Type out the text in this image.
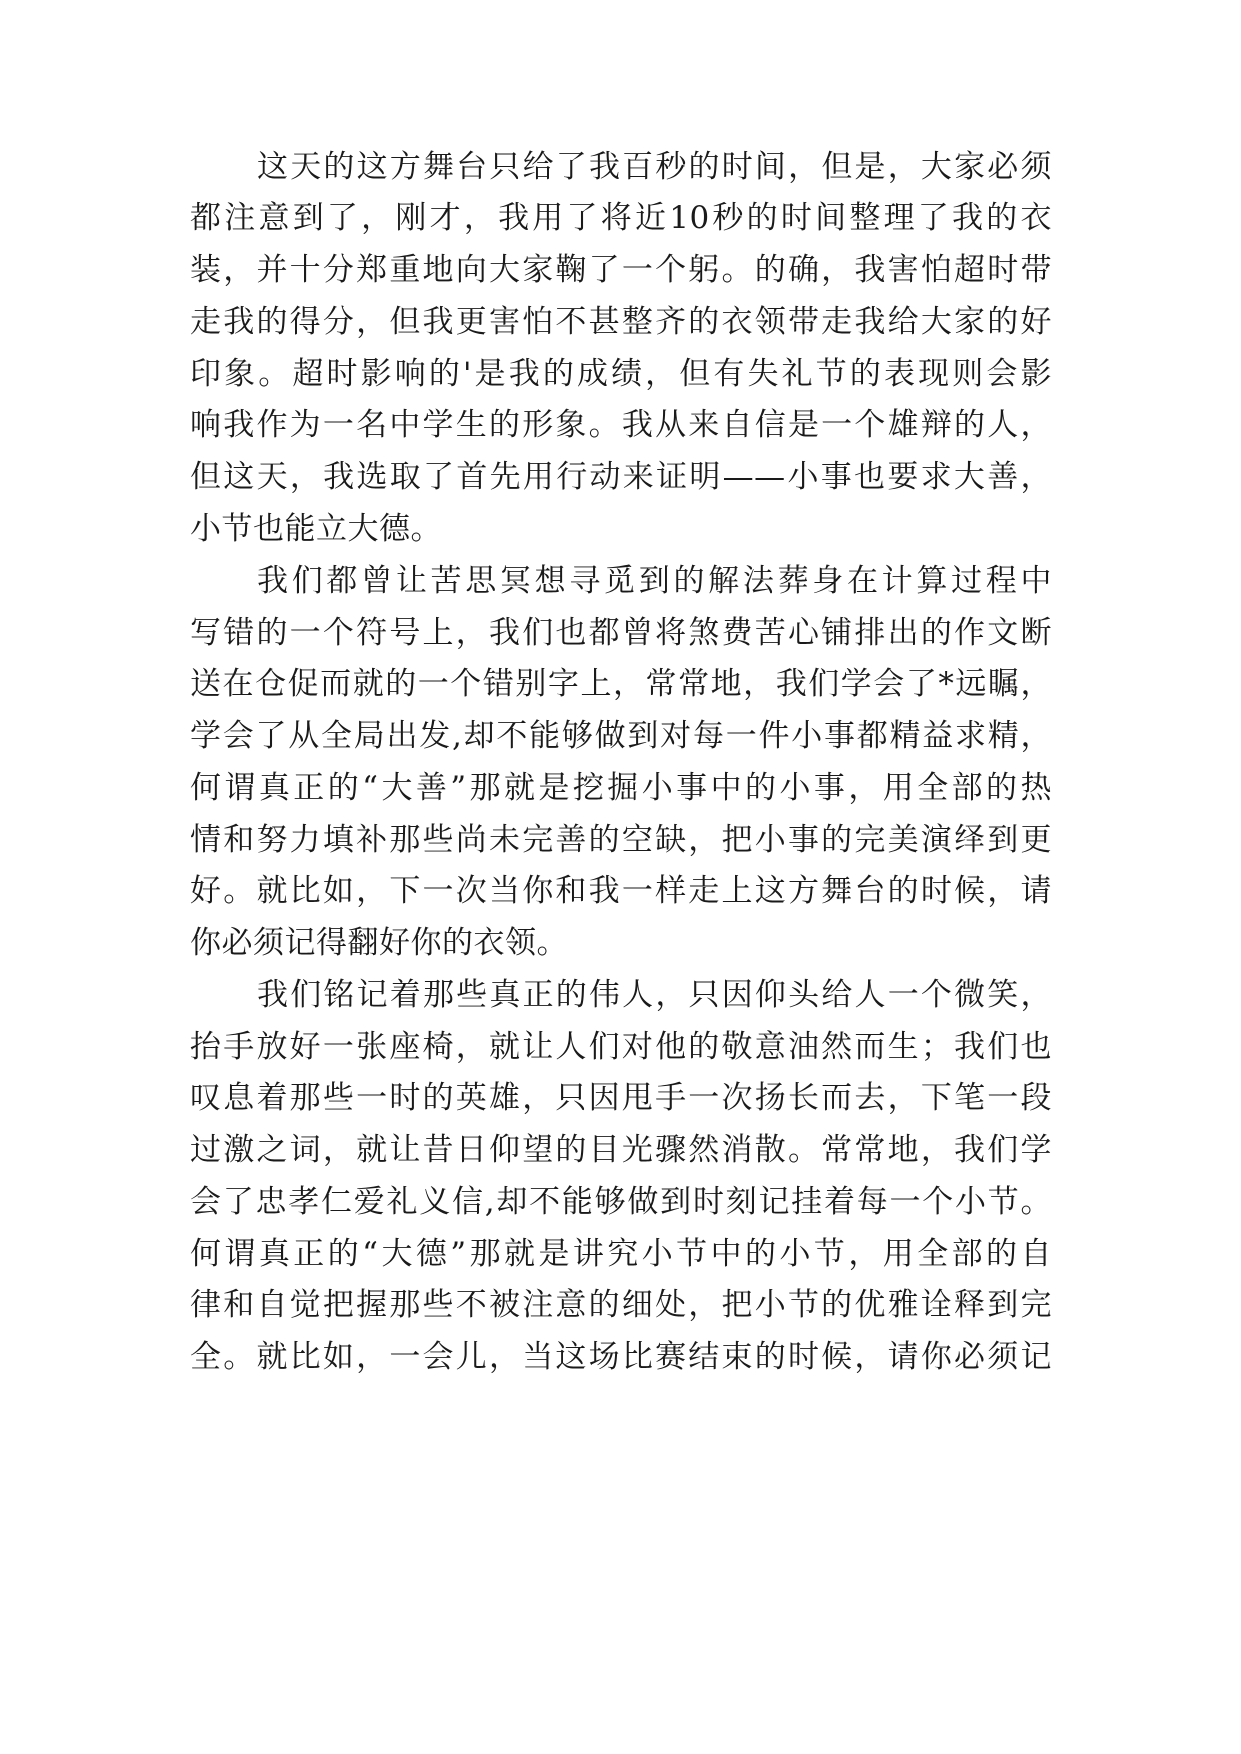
这天的这方舞台只给了我百秒的时间，但是，大家必须
都注意到了，刚才，我用了将近10秒的时间整理了我的衣
装，并十分郑重地向大家鞠了一个躬。的确，我害怕超时带
走我的得分，但我更害怕不甚整齐的衣领带走我给大家的好
印象。超时影响的'是我的成绩，但有失礼节的表现则会影
响我作为一名中学生的形象。我从来自信是一个雄辩的人，
但这天，我选取了首先用行动来证明——小事也要求大善，
小节也能立大德。
我们都曾让苦思冥想寻觅到的解法葬身在计算过程中
写错的一个符号上，我们也都曾将煞费苦心铺排出的作文断
送在仓促而就的一个错别字上，常常地，我们学会了*远瞩，
学会了从全局出发,却不能够做到对每一件小事都精益求精，
何谓真正的“大善”那就是挖掘小事中的小事，用全部的热
情和努力填补那些尚未完善的空缺，把小事的完美演绎到更
好。就比如，下一次当你和我一样走上这方舞台的时候，请
你必须记得翻好你的衣领。
我们铭记着那些真正的伟人，只因仰头给人一个微笑，
抬手放好一张座椅，就让人们对他的敬意油然而生；我们也
叹息着那些一时的英雄，只因甩手一次扬长而去，下笔一段
过激之词，就让昔日仰望的目光骤然消散。常常地，我们学
会了忠孝仁爱礼义信,却不能够做到时刻记挂着每一个小节。
何谓真正的“大德”那就是讲究小节中的小节，用全部的自
律和自觉把握那些不被注意的细处，把小节的优雅诠释到完
全。就比如，一会儿，当这场比赛结束的时候，请你必须记
